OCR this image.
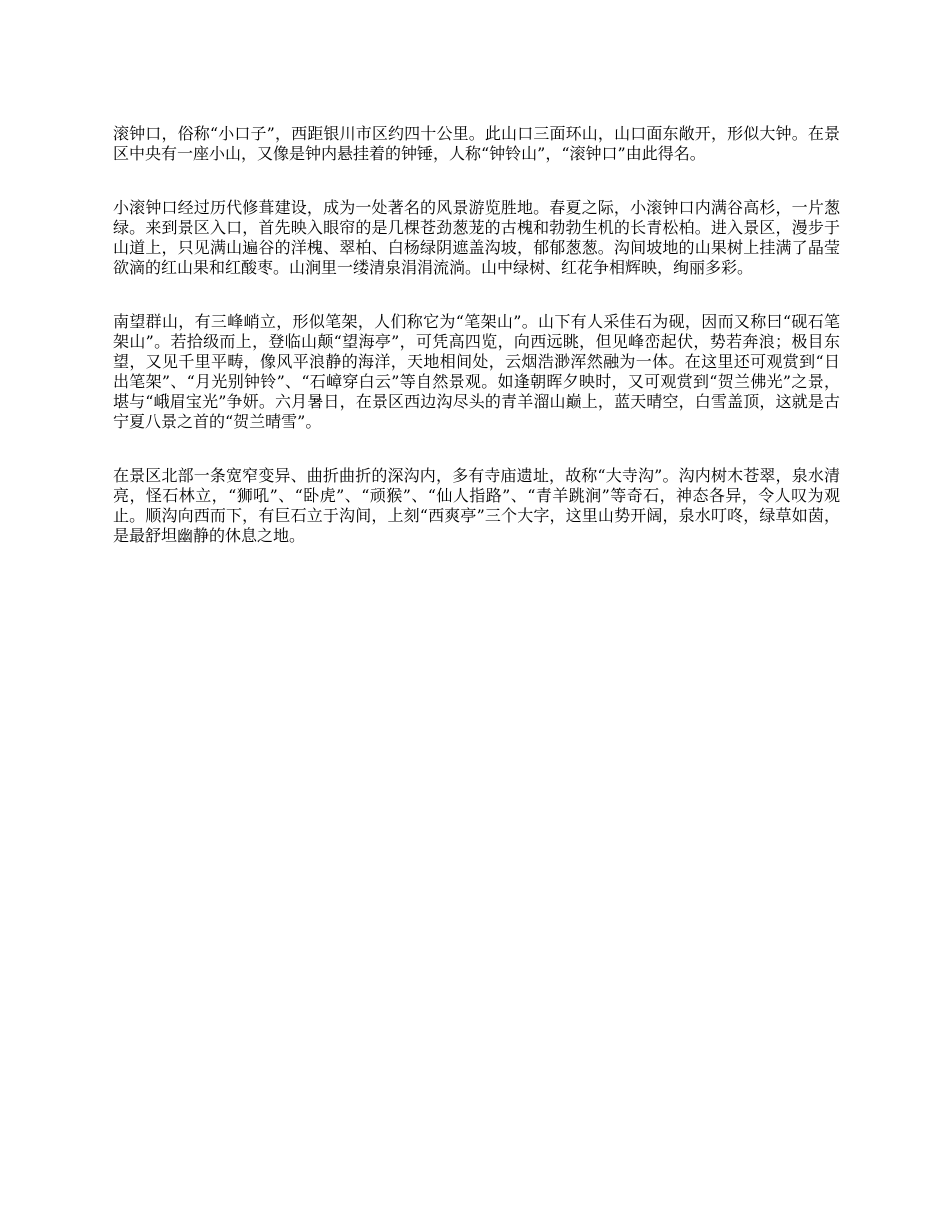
滚钟口，俗称“小口子”，西距银川市区约四十公里。此山口三面环山，山口面东敞开，形似大钟。在景区中央有一座小山，又像是钟内悬挂着的钟锤，人称“钟铃山”，“滚钟口”由此得名。

小滚钟口经过历代修葺建设，成为一处著名的风景游览胜地。春夏之际，小滚钟口内满谷高杉，一片葱绿。来到景区入口，首先映入眼帘的是几棵苍劲葱茏的古槐和勃勃生机的长青松柏。进入景区，漫步于山道上，只见满山遍谷的洋槐、翠柏、白杨绿阴遮盖沟坡，郁郁葱葱。沟间坡地的山果树上挂满了晶莹欲滴的红山果和红酸枣。山涧里一缕清泉涓涓流淌。山中绿树、红花争相辉映，绚丽多彩。

南望群山，有三峰峭立，形似笔架，人们称它为“笔架山”。山下有人采佳石为砚，因而又称曰“砚石笔架山”。若拾级而上，登临山颠“望海亭”，可凭高四览，向西远眺，但见峰峦起伏，势若奔浪；极目东望，又见千里平畴，像风平浪静的海洋，天地相间处，云烟浩渺浑然融为一体。在这里还可观赏到“日出笔架”、“月光别钟铃”、“石嶂穿白云”等自然景观。如逢朝晖夕映时，又可观赏到“贺兰佛光”之景，堪与“峨眉宝光”争妍。六月暑日，在景区西边沟尽头的青羊溜山巅上，蓝天晴空，白雪盖顶，这就是古宁夏八景之首的“贺兰晴雪”。

在景区北部一条宽窄变异、曲折曲折的深沟内，多有寺庙遗址，故称“大寺沟”。沟内树木苍翠，泉水清亮，怪石林立，“狮吼”、“卧虎”、“顽猴”、“仙人指路”、“青羊跳涧”等奇石，神态各异，令人叹为观止。顺沟向西而下，有巨石立于沟间，上刻“西爽亭”三个大字，这里山势开阔，泉水叮咚，绿草如茵，是最舒坦幽静的休息之地。
